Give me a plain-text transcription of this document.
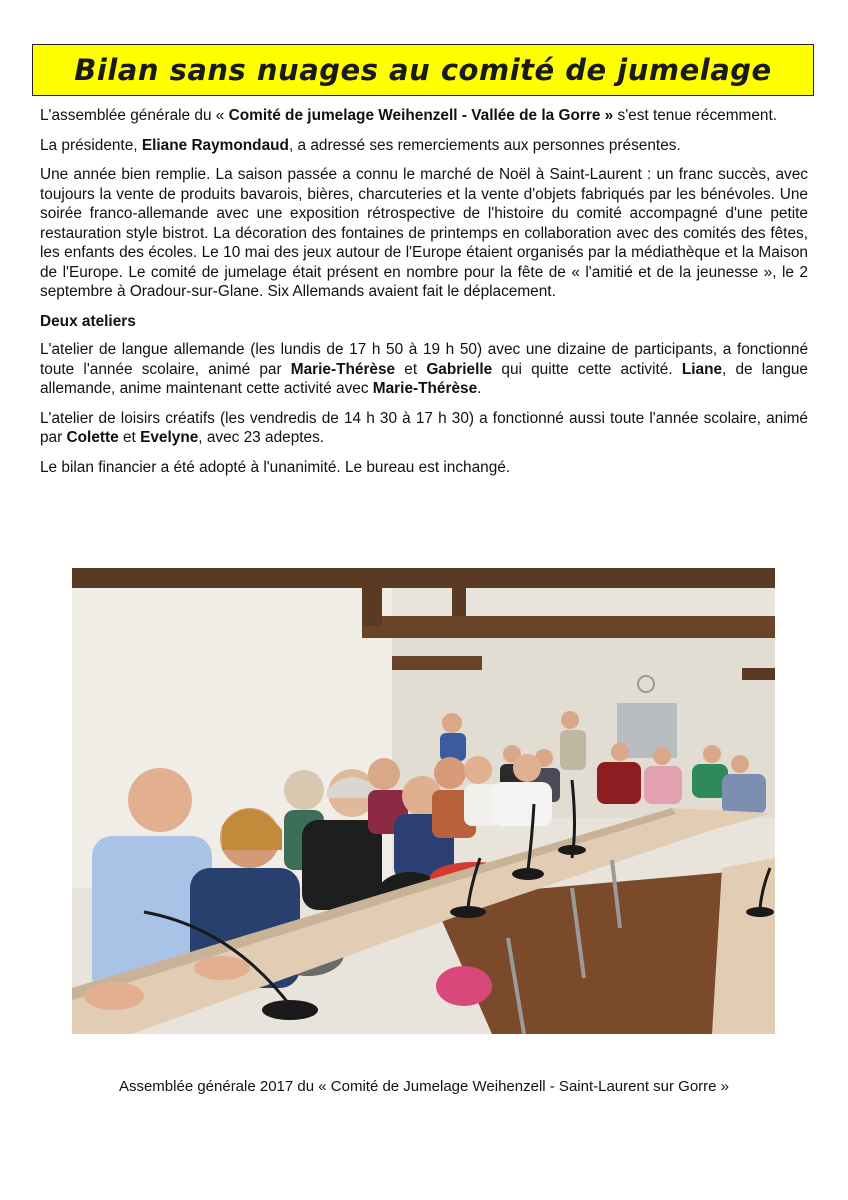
Bilan sans nuages au comité de jumelage

L'assemblée générale du « Comité de jumelage Weihenzell - Vallée de la Gorre » s'est tenue récemment.

La présidente, Eliane Raymondaud, a adressé ses remerciements aux personnes présentes.

Une année bien remplie. La saison passée a connu le marché de Noël à Saint-Laurent : un franc succès, avec toujours la vente de produits bavarois, bières, charcuteries et la vente d'objets fabriqués par les bénévoles. Une soirée franco-allemande avec une exposition rétrospective de l'histoire du comité accompagné d'une petite restauration style bistrot. La décoration des fontaines de printemps en collaboration avec des comités des fêtes, les enfants des écoles. Le 10 mai des jeux autour de l'Europe étaient organisés par la médiathèque et la Maison de l'Europe. Le comité de jumelage était présent en nombre pour la fête de « l'amitié et de la jeunesse », le 2 septembre à Oradour-sur-Glane. Six Allemands avaient fait le déplacement.

Deux ateliers

L'atelier de langue allemande (les lundis de 17 h 50 à 19 h 50) avec une dizaine de participants, a fonctionné toute l'année scolaire, animé par Marie-Thérèse et Gabrielle qui quitte cette activité. Liane, de langue allemande, anime maintenant cette activité avec Marie-Thérèse.

L'atelier de loisirs créatifs (les vendredis de 14 h 30 à 17 h 30) a fonctionné aussi toute l'année scolaire, animé par Colette et Evelyne, avec 23 adeptes.

Le bilan financier a été adopté à l'unanimité. Le bureau est inchangé.

Assemblée générale 2017 du « Comité de Jumelage Weihenzell - Saint-Laurent sur Gorre »
